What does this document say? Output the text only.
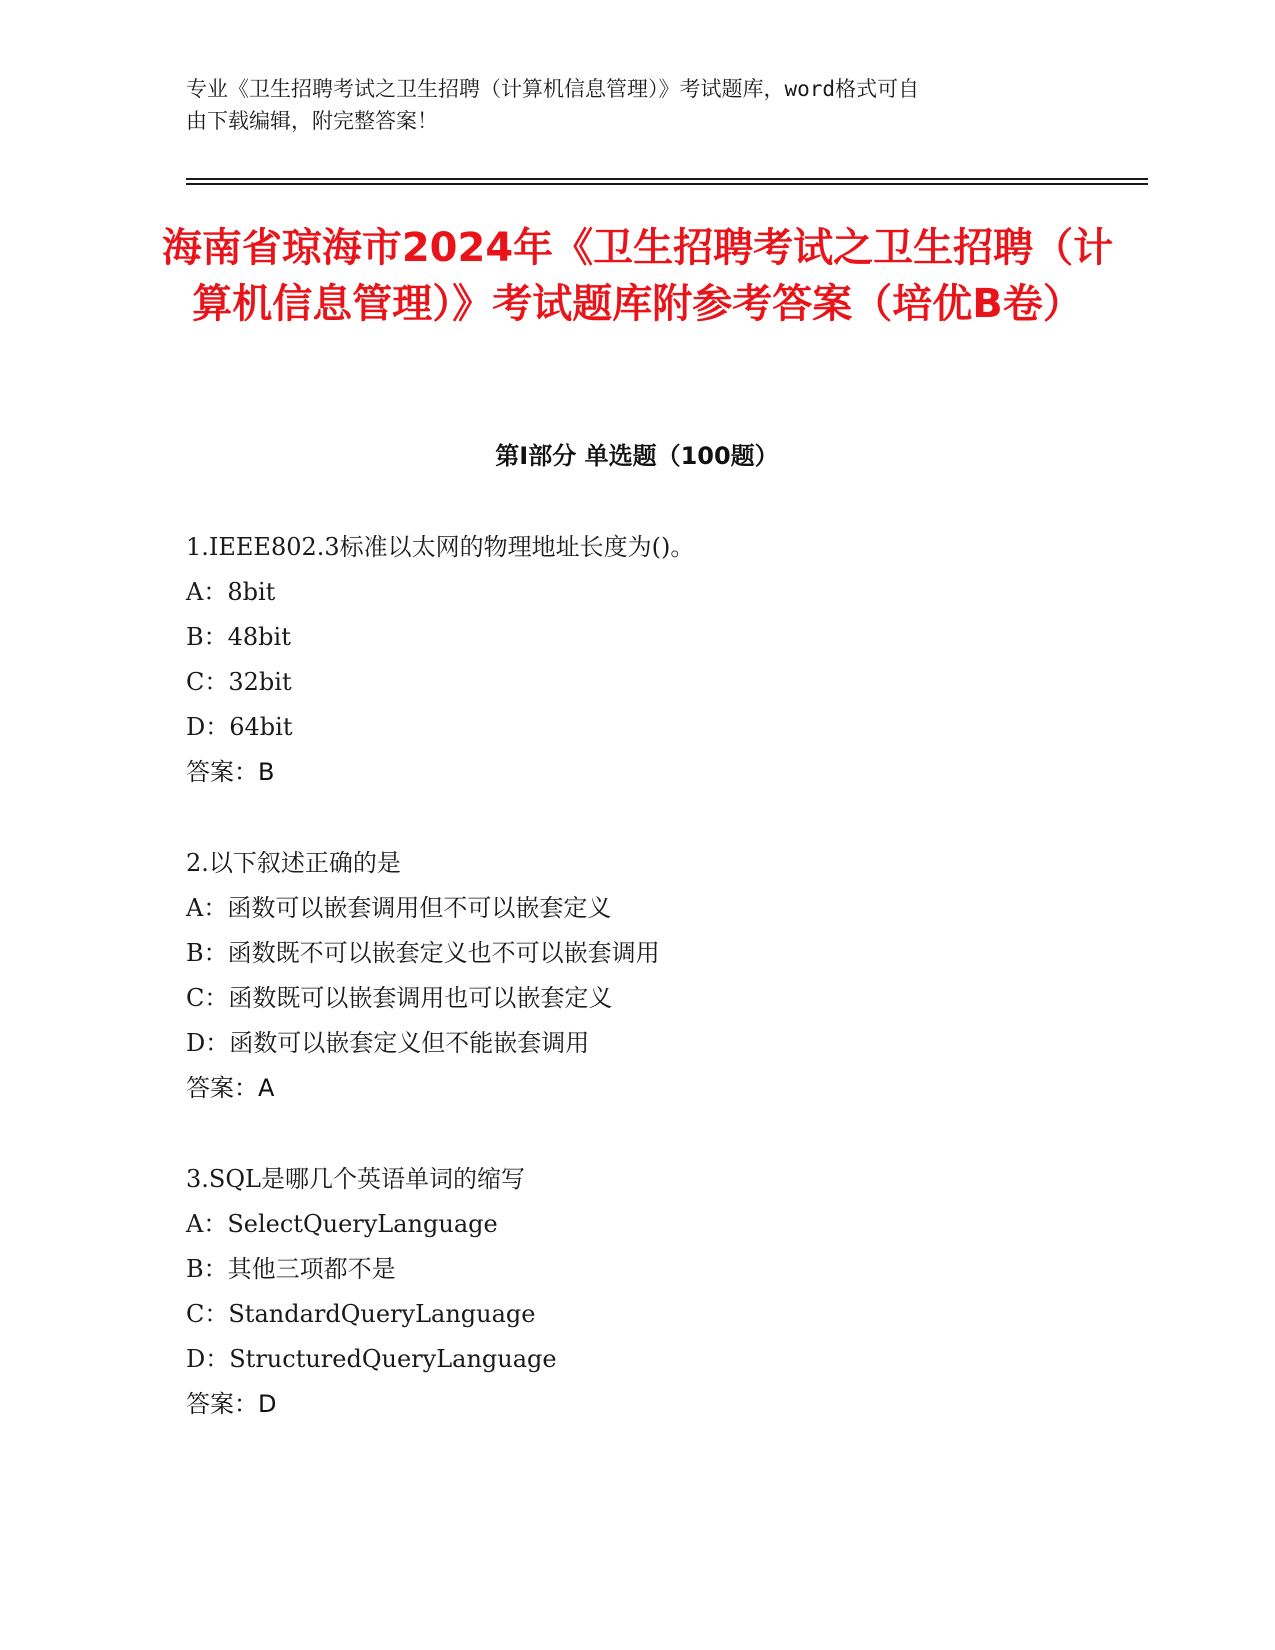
专业《卫生招聘考试之卫生招聘（计算机信息管理）》考试题库，word格式可自
由下载编辑，附完整答案！
海南省琼海市2024年《卫生招聘考试之卫生招聘（计算机信息管理）》考试题库附参考答案（培优B卷）
第I部分 单选题（100题）
1.IEEE802.3标准以太网的物理地址长度为()。
A：8bit
B：48bit
C：32bit
D：64bit
答案：B
2.以下叙述正确的是
A：函数可以嵌套调用但不可以嵌套定义
B：函数既不可以嵌套定义也不可以嵌套调用
C：函数既可以嵌套调用也可以嵌套定义
D：函数可以嵌套定义但不能嵌套调用
答案：A
3.SQL是哪几个英语单词的缩写
A：SelectQueryLanguage
B：其他三项都不是
C：StandardQueryLanguage
D：StructuredQueryLanguage
答案：D
